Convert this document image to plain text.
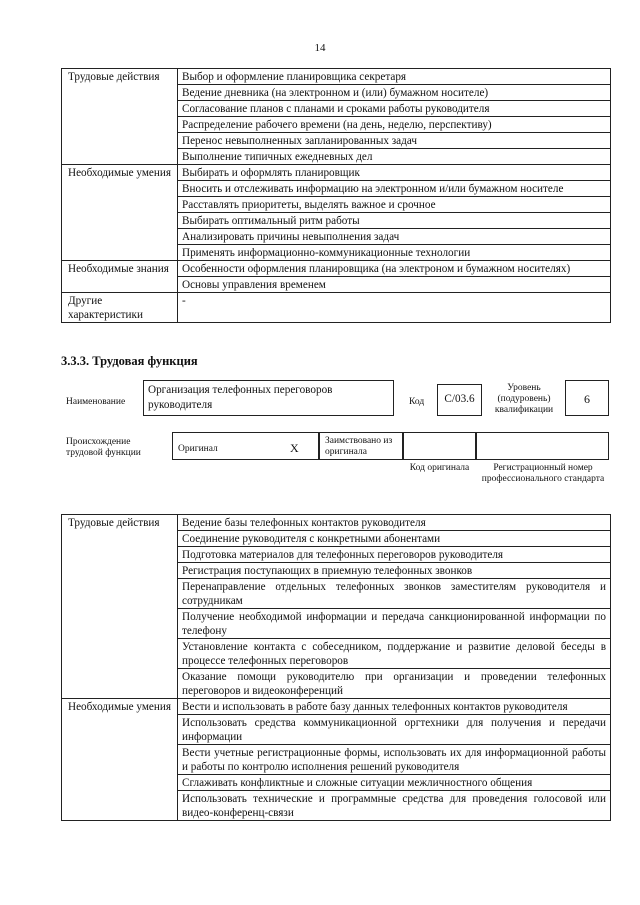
14
Трудовые действия	Выбор и оформление планировщика секретаря
	Ведение дневника (на электронном и (или) бумажном носителе)
	Согласование планов с планами и сроками работы руководителя
	Распределение рабочего времени (на день, неделю, перспективу)
	Перенос невыполненных запланированных задач
	Выполнение типичных ежедневных дел
Необходимые умения	Выбирать и оформлять планировщик
	Вносить и отслеживать информацию на электронном и/или бумажном носителе
	Расставлять приоритеты, выделять важное и срочное
	Выбирать оптимальный ритм работы
	Анализировать причины невыполнения задач
	Применять информационно-коммуникационные технологии
Необходимые знания	Особенности оформления планировщика (на электроном и бумажном носителях)
	Основы управления временем
Другие характеристики	-
3.3.3. Трудовая функция
Наименование
Организация телефонных переговоров руководителя	Код	C/03.6
Уровень (подуровень) квалификации
6
Происхождение трудовой функции	Оригинал	X	Заимствовано из оригинала
Код оригинала	Регистрационный номер профессионального стандарта
Трудовые действия	Ведение базы телефонных контактов руководителя
	Соединение руководителя с конкретными абонентами
	Подготовка материалов для телефонных переговоров руководителя
	Регистрация поступающих в приемную телефонных звонков
	Перенаправление отдельных телефонных звонков заместителям руководителя и сотрудникам
	Получение необходимой информации и передача санкционированной информации по телефону
	Установление контакта с собеседником, поддержание и развитие деловой беседы в процессе телефонных переговоров
	Оказание помощи руководителю при организации и проведении телефонных переговоров и видеоконференций
Необходимые умения	Вести и использовать в работе базу данных телефонных контактов руководителя
	Использовать средства коммуникационной оргтехники для получения и передачи информации
	Вести учетные регистрационные формы, использовать их для информационной работы и работы по контролю исполнения решений руководителя
	Сглаживать конфликтные и сложные ситуации межличностного общения
	Использовать технические и программные средства для проведения голосовой или видео-конференц-связи
